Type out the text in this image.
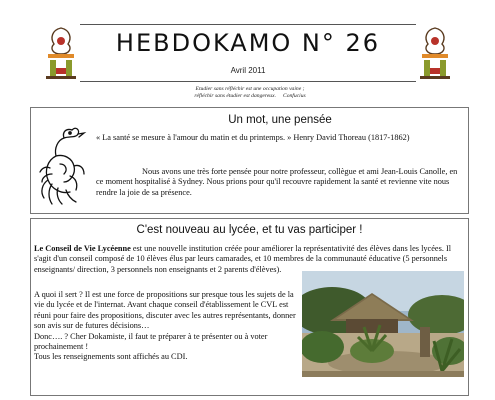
HEBDOKAMO N° 26
Avril 2011
Etudier sans réfléchir est une occupation vaine ;
réfléchir sans étudier est dangereux. Confucius
Un mot, une pensée

« La santé se mesure à l'amour du matin et du printemps. » Henry David Thoreau (1817-1862)

Nous avons une très forte pensée pour notre professeur, collègue et ami Jean-Louis Canolle, en ce moment hospitalisé à Sydney. Nous prions pour qu'il recouvre rapidement la santé et revienne vite nous rendre la joie de sa présence.

C'est nouveau au lycée, et tu vas participer !

Le Conseil de Vie Lycéenne est une nouvelle institution créée pour améliorer la représentativité des élèves dans les lycées. Il s'agit d'un conseil composé de 10 élèves élus par leurs camarades, et 10 membres de la communauté éducative (5 personnels enseignants/ direction, 3 personnels non enseignants et 2 parents d'élèves).

A quoi il sert ? Il est une force de propositions sur presque tous les sujets de la vie du lycée et de l'internat. Avant chaque conseil d'établissement le CVL est réuni pour faire des propositions, discuter avec les autres représentants, donner son avis sur de futures décisions…

Donc…. ? Cher Dokamiste, il faut te préparer à te présenter ou à voter prochainement !

Tous les renseignements sont affichés au CDI.
